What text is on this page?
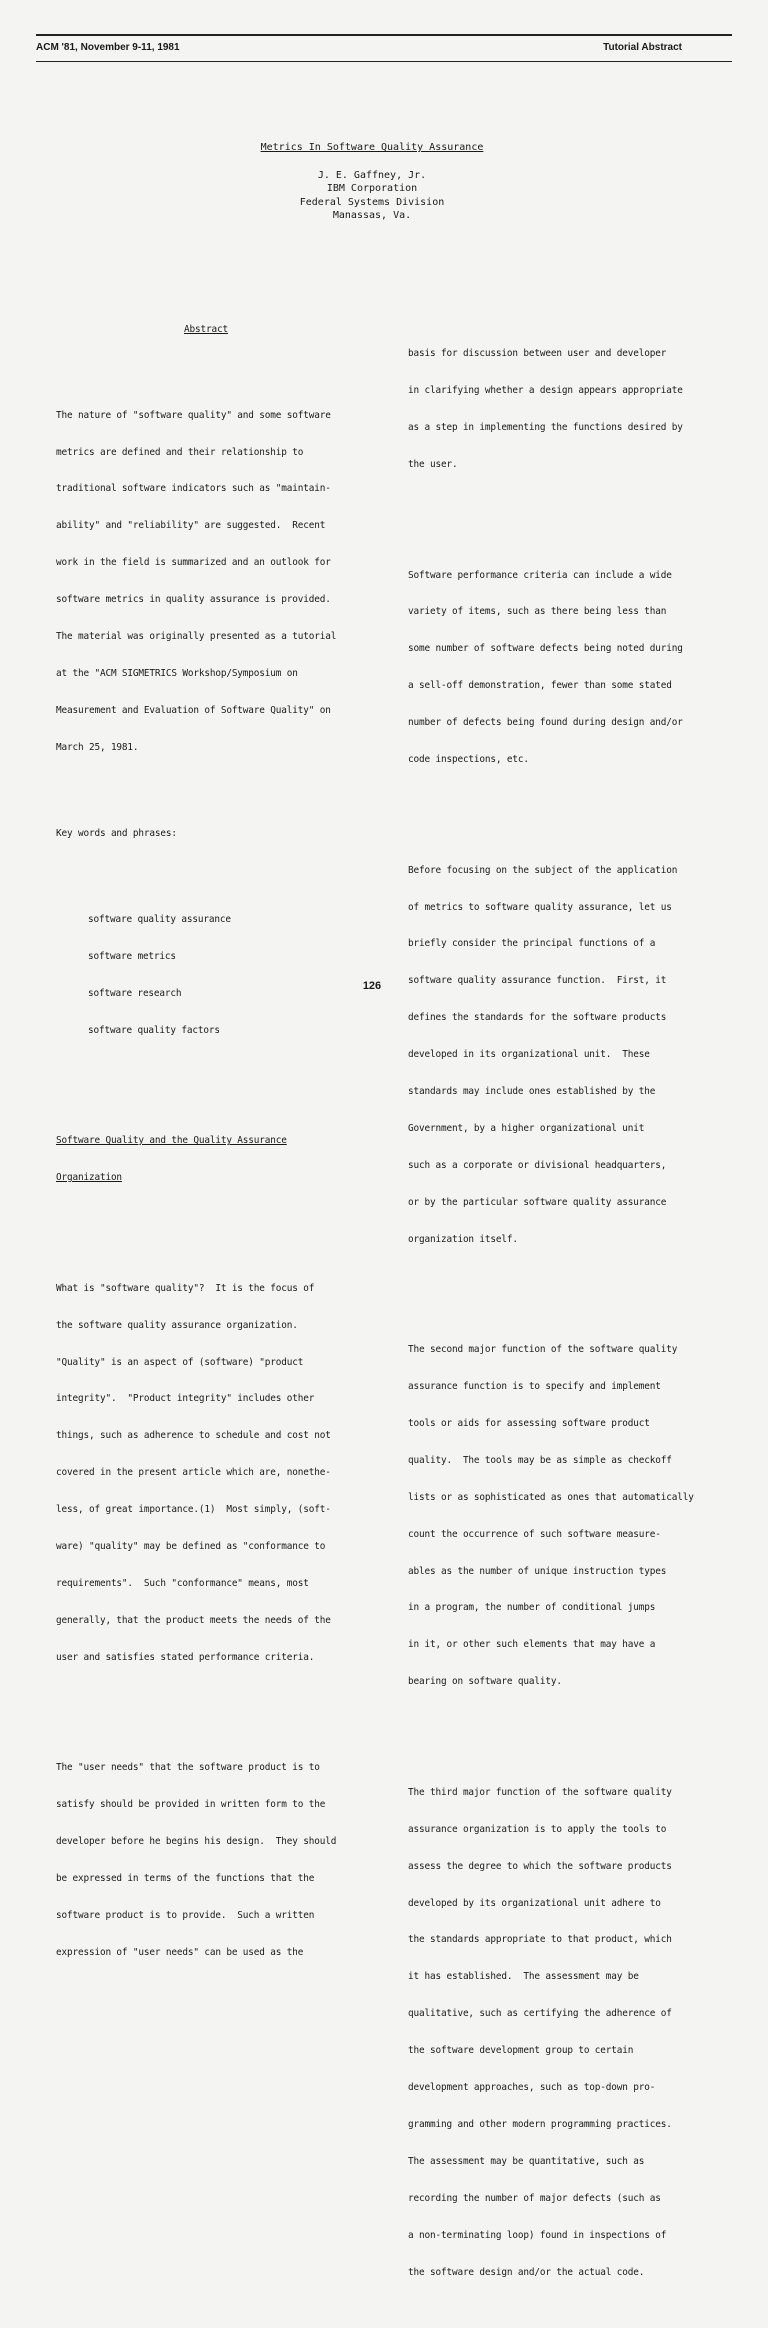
ACM '81, November 9-11, 1981	Tutorial Abstract
Metrics In Software Quality Assurance
J. E. Gaffney, Jr.
IBM Corporation
Federal Systems Division
Manassas, Va.

Abstract

The nature of "software quality" and some software

metrics are defined and their relationship to

traditional software indicators such as "maintain-

ability" and "reliability" are suggested.  Recent

work in the field is summarized and an outlook for

software metrics in quality assurance is provided.

The material was originally presented as a tutorial

at the "ACM SIGMETRICS Workshop/Symposium on

Measurement and Evaluation of Software Quality" on

March 25, 1981.

Key words and phrases:

software quality assurance

software metrics

software research

software quality factors

Software Quality and the Quality Assurance

Organization

What is "software quality"?  It is the focus of

the software quality assurance organization.

"Quality" is an aspect of (software) "product

integrity".  "Product integrity" includes other

things, such as adherence to schedule and cost not

covered in the present article which are, nonethe-

less, of great importance.(1)  Most simply, (soft-

ware) "quality" may be defined as "conformance to

requirements".  Such "conformance" means, most

generally, that the product meets the needs of the

user and satisfies stated performance criteria.

The "user needs" that the software product is to

satisfy should be provided in written form to the

developer before he begins his design.  They should

be expressed in terms of the functions that the

software product is to provide.  Such a written

expression of "user needs" can be used as the

basis for discussion between user and developer

in clarifying whether a design appears appropriate

as a step in implementing the functions desired by

the user.

Software performance criteria can include a wide

variety of items, such as there being less than

some number of software defects being noted during

a sell-off demonstration, fewer than some stated

number of defects being found during design and/or

code inspections, etc.

Before focusing on the subject of the application

of metrics to software quality assurance, let us

briefly consider the principal functions of a

software quality assurance function.  First, it

defines the standards for the software products

developed in its organizational unit.  These

standards may include ones established by the

Government, by a higher organizational unit

such as a corporate or divisional headquarters,

or by the particular software quality assurance

organization itself.

The second major function of the software quality

assurance function is to specify and implement

tools or aids for assessing software product

quality.  The tools may be as simple as checkoff

lists or as sophisticated as ones that automatically

count the occurrence of such software measure-

ables as the number of unique instruction types

in a program, the number of conditional jumps

in it, or other such elements that may have a

bearing on software quality.

The third major function of the software quality

assurance organization is to apply the tools to

assess the degree to which the software products

developed by its organizational unit adhere to

the standards appropriate to that product, which

it has established.  The assessment may be

qualitative, such as certifying the adherence of

the software development group to certain

development approaches, such as top-down pro-

gramming and other modern programming practices.

The assessment may be quantitative, such as

recording the number of major defects (such as

a non-terminating loop) found in inspections of

the software design and/or the actual code.

126
